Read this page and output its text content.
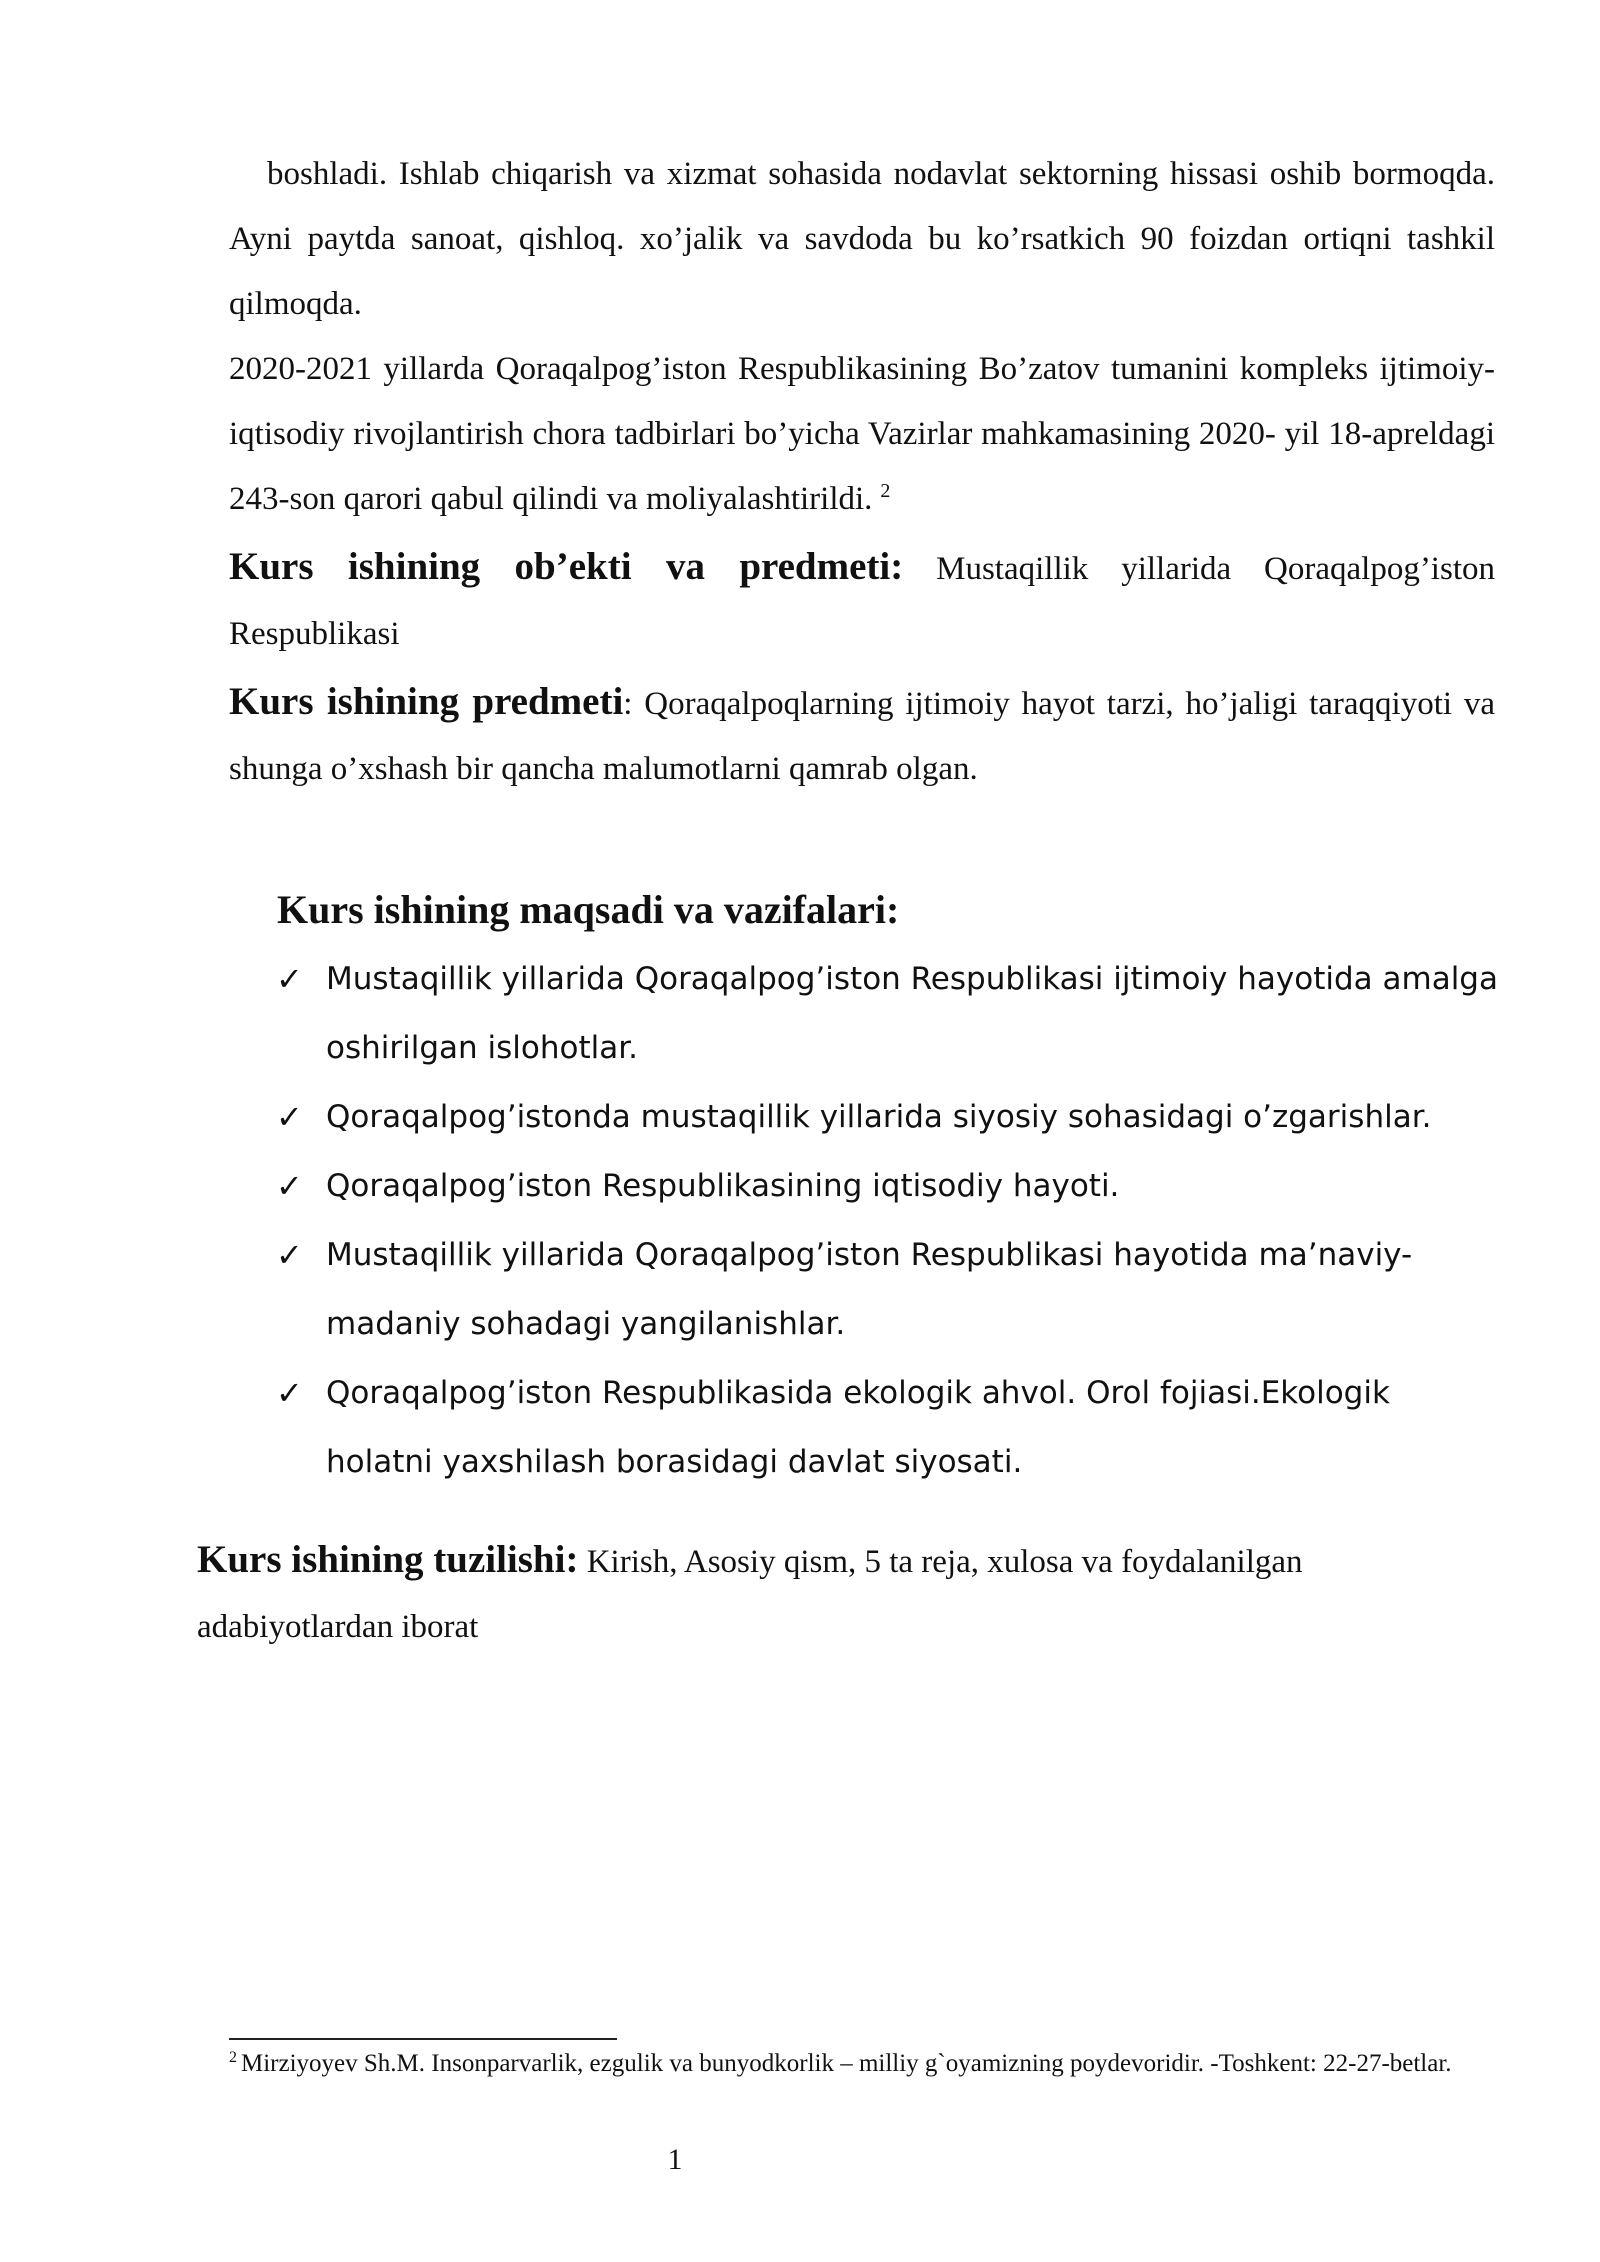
boshladi. Ishlab chiqarish va xizmat sohasida nodavlat sektorning hissasi oshib bormoqda. Ayni paytda sanoat, qishloq. xo’jalik va savdoda bu ko’rsatkich 90 foizdan ortiqni tashkil qilmoqda.

2020-2021 yillarda Qoraqalpog’iston Respublikasining Bo’zatov tumanini kompleks ijtimoiy-iqtisodiy rivojlantirish chora tadbirlari bo’yicha Vazirlar mahkamasining 2020- yil 18-apreldagi 243-son qarori qabul qilindi va moliyalashtirildi. $^2$

Kurs ishining ob’ekti va predmeti: Mustaqillik yillarida Qoraqalpog’iston Respublikasi

Kurs ishining predmeti: Qoraqalpoqlarning ijtimoiy hayot tarzi, ho’jaligi taraqqiyoti va shunga o’xshash bir qancha malumotlarni qamrab olgan.

Kurs ishining maqsadi va vazifalari:
✓ Mustaqillik yillarida Qoraqalpog’iston Respublikasi ijtimoiy hayotida amalga oshirilgan islohotlar.
✓ Qoraqalpog’istonda mustaqillik yillarida siyosiy sohasidagi o’zgarishlar.
✓ Qoraqalpog’iston Respublikasining iqtisodiy hayoti.
✓ Mustaqillik yillarida Qoraqalpog’iston Respublikasi hayotida ma’naviy-madaniy sohadagi yangilanishlar.
✓ Qoraqalpog’iston Respublikasida ekologik ahvol. Orol fojiasi.Ekologik holatni yaxshilash borasidagi davlat siyosati.

Kurs ishining tuzilishi: Kirish, Asosiy qism, 5 ta reja, xulosa va foydalanilgan adabiyotlardan iborat

$^2$ Mirziyoyev Sh.M. Insonparvarlik, ezgulik va bunyodkorlik – milliy g`oyamizning poydevoridir. -Toshkent: 22-27-betlar.

1
